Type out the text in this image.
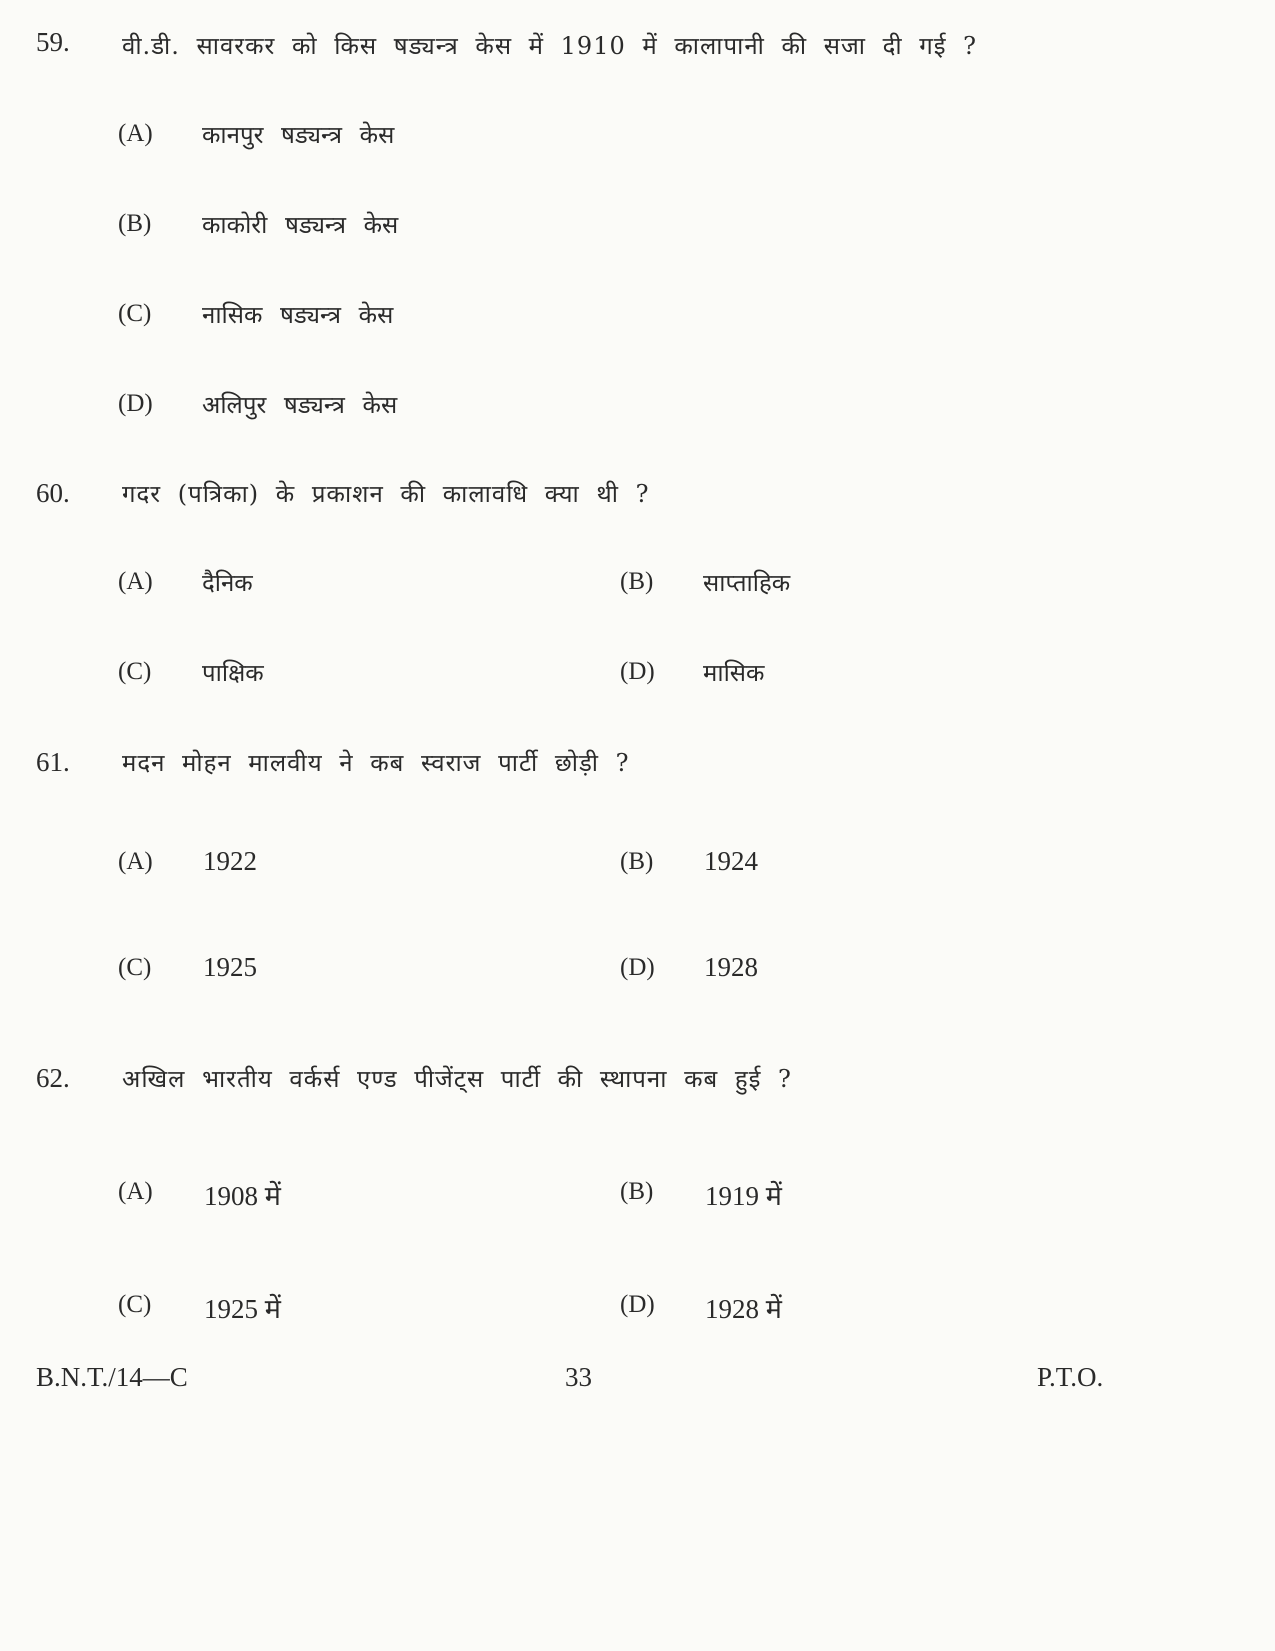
59. वी.डी. सावरकर को किस षड्यन्त्र केस में 1910 में कालापानी की सजा दी गई ?
(A) कानपुर षड्यन्त्र केस
(B) काकोरी षड्यन्त्र केस
(C) नासिक षड्यन्त्र केस
(D) अलिपुर षड्यन्त्र केस
60. गदर (पत्रिका) के प्रकाशन की कालावधि क्या थी ?
(A) दैनिक	(B) साप्ताहिक
(C) पाक्षिक	(D) मासिक
61. मदन मोहन मालवीय ने कब स्वराज पार्टी छोड़ी ?
(A) 1922	(B) 1924
(C) 1925	(D) 1928
62. अखिल भारतीय वर्कर्स एण्ड पीजेंट्स पार्टी की स्थापना कब हुई ?
(A) 1908 में	(B) 1919 में
(C) 1925 में	(D) 1928 में
B.N.T./14—C	33	P.T.O.
